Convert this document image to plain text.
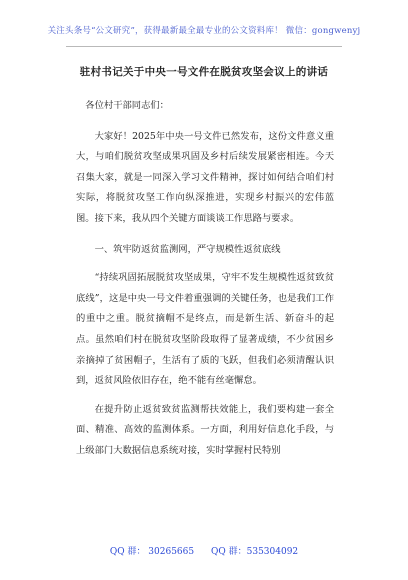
关注头条号“公文研究”，获得最新最全最专业的公文资料库！ 微信：gongwenyj
驻村书记关于中央一号文件在脱贫攻坚会议上的讲话

各位村干部同志们：

大家好！2025年中央一号文件已然发布，这份文件意义重大，与咱们脱贫攻坚成果巩固及乡村后续发展紧密相连。今天召集大家，就是一同深入学习文件精神，探讨如何结合咱们村实际，将脱贫攻坚工作向纵深推进，实现乡村振兴的宏伟蓝图。接下来，我从四个关键方面谈谈工作思路与要求。

一、筑牢防返贫监测网，严守规模性返贫底线

“持续巩固拓展脱贫攻坚成果，守牢不发生规模性返贫致贫底线”，这是中央一号文件着重强调的关键任务，也是我们工作的重中之重。脱贫摘帽不是终点，而是新生活、新奋斗的起点。虽然咱们村在脱贫攻坚阶段取得了显著成绩，不少贫困乡亲摘掉了贫困帽子，生活有了质的飞跃，但我们必须清醒认识到，返贫风险依旧存在，绝不能有丝毫懈怠。

在提升防止返贫致贫监测帮扶效能上，我们要构建一套全面、精准、高效的监测体系。一方面，利用好信息化手段，与上级部门大数据信息系统对接，实时掌握村民特别

QQ 群： 30265665 QQ 群：535304092
